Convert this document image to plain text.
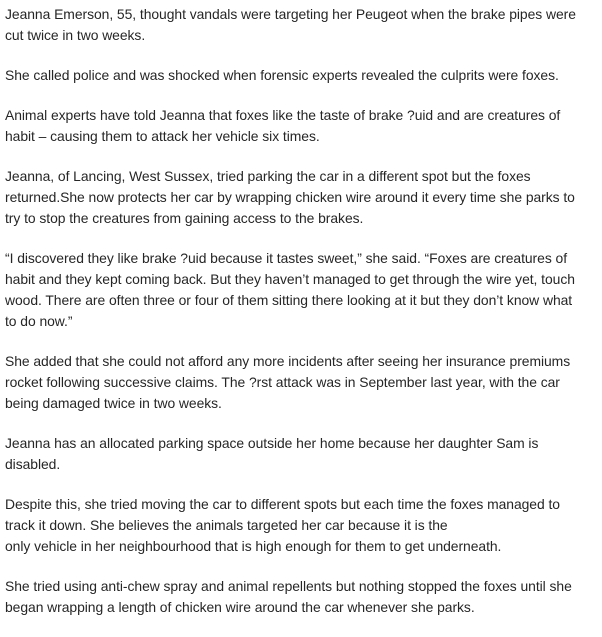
Jeanna Emerson, 55, thought vandals were targeting her Peugeot when the brake pipes were
cut twice in two weeks.

She called police and was shocked when forensic experts revealed the culprits were foxes.

Animal experts have told Jeanna that foxes like the taste of brake ?uid and are creatures of
habit – causing them to attack her vehicle six times.

Jeanna, of Lancing, West Sussex, tried parking the car in a different spot but the foxes
returned.She now protects her car by wrapping chicken wire around it every time she parks to
try to stop the creatures from gaining access to the brakes.

“I discovered they like brake ?uid because it tastes sweet,” she said. “Foxes are creatures of
habit and they kept coming back. But they haven’t managed to get through the wire yet, touch
wood. There are often three or four of them sitting there looking at it but they don’t know what
to do now.”

She added that she could not afford any more incidents after seeing her insurance premiums
rocket following successive claims. The ?rst attack was in September last year, with the car
being damaged twice in two weeks.

Jeanna has an allocated parking space outside her home because her daughter Sam is
disabled.

Despite this, she tried moving the car to different spots but each time the foxes managed to
track it down. She believes the animals targeted her car because it is the
only vehicle in her neighbourhood that is high enough for them to get underneath.

She tried using anti-chew spray and animal repellents but nothing stopped the foxes until she
began wrapping a length of chicken wire around the car whenever she parks.
